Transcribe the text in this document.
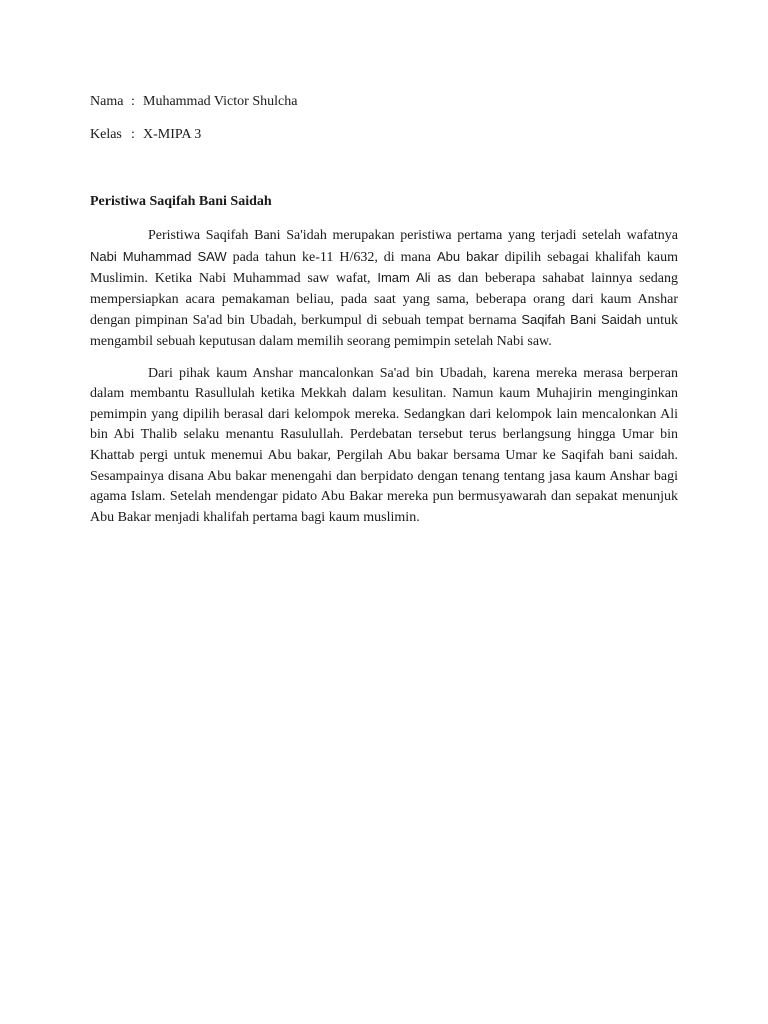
Nama : Muhammad Victor Shulcha
Kelas : X-MIPA 3
Peristiwa Saqifah Bani Saidah

Peristiwa Saqifah Bani Sa'idah merupakan peristiwa pertama yang terjadi setelah wafatnya Nabi Muhammad SAW pada tahun ke-11 H/632, di mana Abu bakar dipilih sebagai khalifah kaum Muslimin. Ketika Nabi Muhammad saw wafat, Imam Ali as dan beberapa sahabat lainnya sedang mempersiapkan acara pemakaman beliau, pada saat yang sama, beberapa orang dari kaum Anshar dengan pimpinan Sa'ad bin Ubadah, berkumpul di sebuah tempat bernama Saqifah Bani Saidah untuk mengambil sebuah keputusan dalam memilih seorang pemimpin setelah Nabi saw.

Dari pihak kaum Anshar mancalonkan Sa'ad bin Ubadah, karena mereka merasa berperan dalam membantu Rasullulah ketika Mekkah dalam kesulitan. Namun kaum Muhajirin menginginkan pemimpin yang dipilih berasal dari kelompok mereka. Sedangkan dari kelompok lain mencalonkan Ali bin Abi Thalib selaku menantu Rasulullah. Perdebatan tersebut terus berlangsung hingga Umar bin Khattab pergi untuk menemui Abu bakar, Pergilah Abu bakar bersama Umar ke Saqifah bani saidah. Sesampainya disana Abu bakar menengahi dan berpidato dengan tenang tentang jasa kaum Anshar bagi agama Islam. Setelah mendengar pidato Abu Bakar mereka pun bermusyawarah dan sepakat menunjuk Abu Bakar menjadi khalifah pertama bagi kaum muslimin.
